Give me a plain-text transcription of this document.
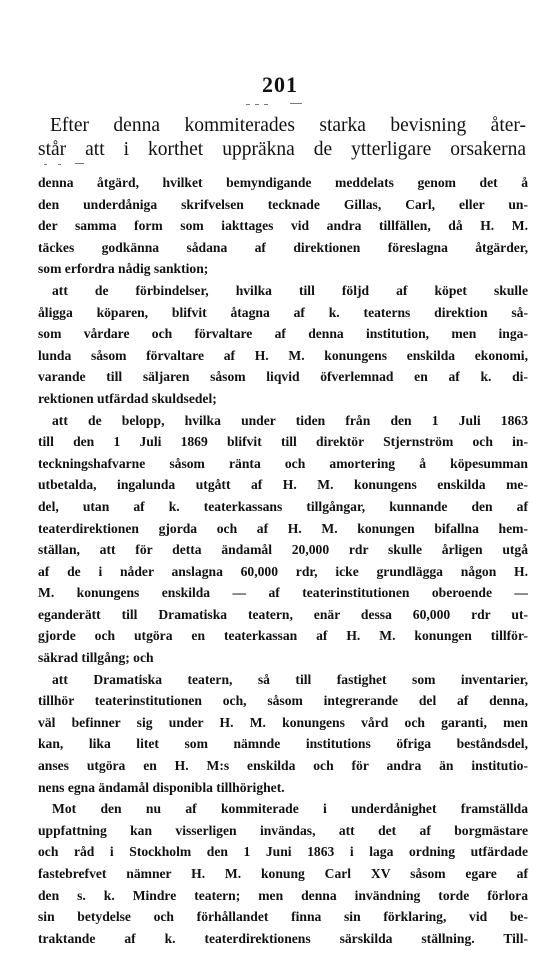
201
Efter denna kommiterades starka bevisning åter-
står att i korthet uppräkna de ytterligare orsakerna
denna åtgärd, hvilket bemyndigande meddelats genom det å
den underdåniga skrifvelsen tecknade Gillas, Carl, eller un-
der samma form som iakttages vid andra tillfällen, då H. M.
täckes godkänna sådana af direktionen föreslagna åtgärder,
som erfordra nådig sanktion;
att de förbindelser, hvilka till följd af köpet skulle
åligga köparen, blifvit åtagna af k. teaterns direktion så-
som vårdare och förvaltare af denna institution, men inga-
lunda såsom förvaltare af H. M. konungens enskilda ekonomi,
varande till säljaren såsom liqvid öfverlemnad en af k. di-
rektionen utfärdad skuldsedel;
att de belopp, hvilka under tiden från den 1 Juli 1863
till den 1 Juli 1869 blifvit till direktör Stjernström och in-
teckningshafvarne såsom ränta och amortering å köpesumman
utbetalda, ingalunda utgått af H. M. konungens enskilda me-
del, utan af k. teaterkassans tillgångar, kunnande den af
teaterdirektionen gjorda och af H. M. konungen bifallna hem-
ställan, att för detta ändamål 20,000 rdr skulle årligen utgå
af de i nåder anslagna 60,000 rdr, icke grundlägga någon H.
M. konungens enskilda — af teaterinstitutionen oberoende —
eganderätt till Dramatiska teatern, enär dessa 60,000 rdr ut-
gjorde och utgöra en teaterkassan af H. M. konungen tillför-
säkrad tillgång; och
att Dramatiska teatern, så till fastighet som inventarier,
tillhör teaterinstitutionen och, såsom integrerande del af denna,
väl befinner sig under H. M. konungens vård och garanti, men
kan, lika litet som nämnde institutions öfriga beståndsdel,
anses utgöra en H. M:s enskilda och för andra än institutio-
nens egna ändamål disponibla tillhörighet.
Mot den nu af kommiterade i underdånighet framställda
uppfattning kan visserligen invändas, att det af borgmästare
och råd i Stockholm den 1 Juni 1863 i laga ordning utfärdade
fastebrefvet nämner H. M. konung Carl XV såsom egare af
den s. k. Mindre teatern; men denna invändning torde förlora
sin betydelse och förhållandet finna sin förklaring, vid be-
traktande af k. teaterdirektionens särskilda ställning. Till-
